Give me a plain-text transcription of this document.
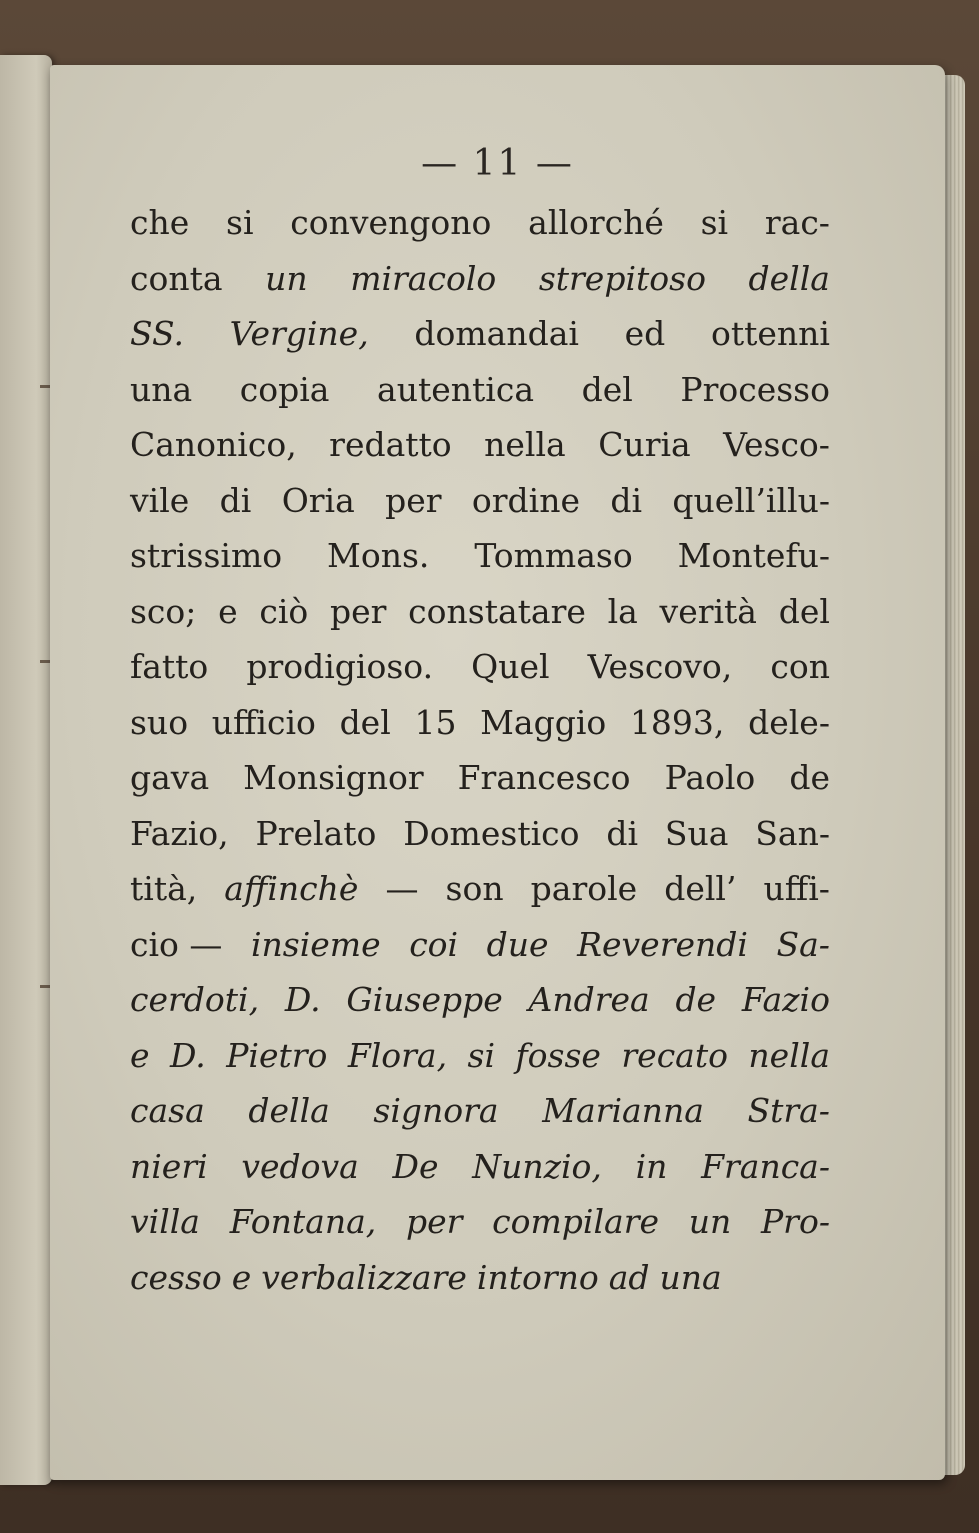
— 11 —

che si convengono allorché si rac-
conta un miracolo strepitoso della
SS. Vergine, domandai ed ottenni
una copia autentica del Processo
Canonico, redatto nella Curia Vesco-
vile di Oria per ordine di quell’illu-
strissimo Mons. Tommaso Montefu-
sco; e ciò per constatare la verità del
fatto prodigioso. Quel Vescovo, con
suo ufficio del 15 Maggio 1893, dele-
gava Monsignor Francesco Paolo de
Fazio, Prelato Domestico di Sua San-
tità, affinchè — son parole dell’ uffi-
cio — insieme coi due Reverendi Sa-
cerdoti, D. Giuseppe Andrea de Fazio
e D. Pietro Flora, si fosse recato nella
casa della signora Marianna Stra-
nieri vedova De Nunzio, in Franca-
villa Fontana, per compilare un Pro-
cesso e verbalizzare intorno ad una
